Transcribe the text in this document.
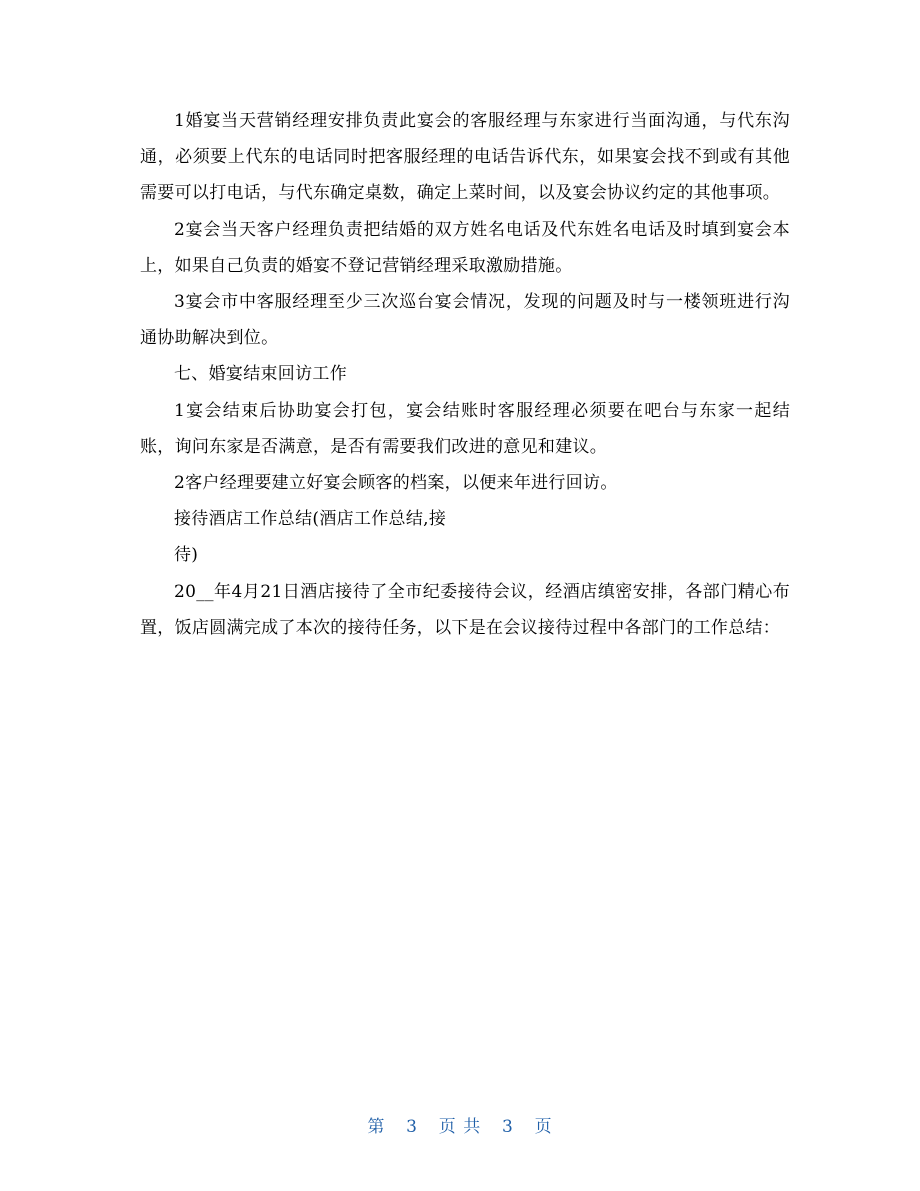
1婚宴当天营销经理安排负责此宴会的客服经理与东家进行当面沟通，与代东沟通，必须要上代东的电话同时把客服经理的电话告诉代东，如果宴会找不到或有其他需要可以打电话，与代东确定桌数，确定上菜时间，以及宴会协议约定的其他事项。

2宴会当天客户经理负责把结婚的双方姓名电话及代东姓名电话及时填到宴会本上，如果自己负责的婚宴不登记营销经理采取激励措施。

3宴会市中客服经理至少三次巡台宴会情况，发现的问题及时与一楼领班进行沟通协助解决到位。

七、婚宴结束回访工作

1宴会结束后协助宴会打包，宴会结账时客服经理必须要在吧台与东家一起结账，询问东家是否满意，是否有需要我们改进的意见和建议。

2客户经理要建立好宴会顾客的档案，以便来年进行回访。

接待酒店工作总结(酒店工作总结,接

待)

20__年4月21日酒店接待了全市纪委接待会议，经酒店缜密安排，各部门精心布置，饭店圆满完成了本次的接待任务，以下是在会议接待过程中各部门的工作总结：

第 3 页 共 3 页
